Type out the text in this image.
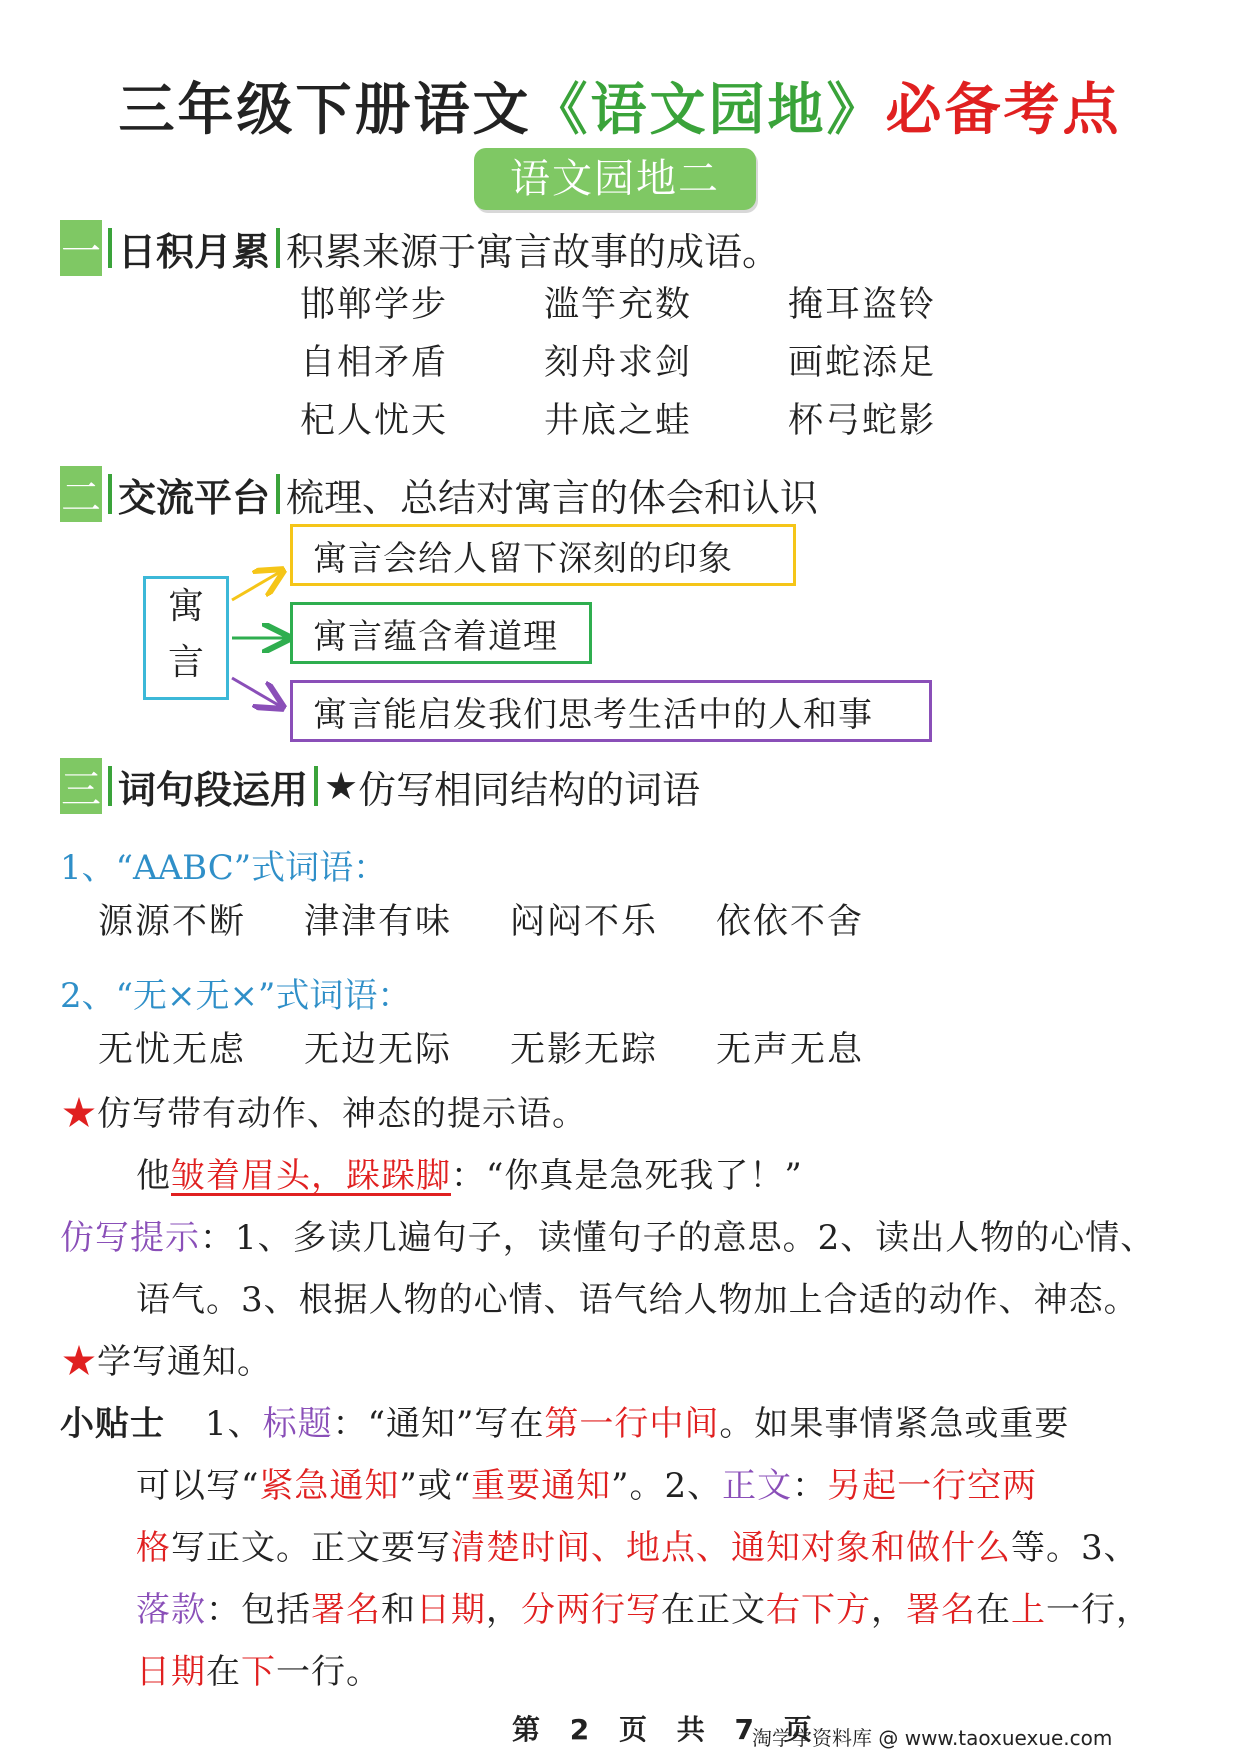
三年级下册语文《语文园地》必备考点
语文园地二
一 日积月累 积累来源于寓言故事的成语。
邯郸学步	滥竽充数	掩耳盗铃
自相矛盾	刻舟求剑	画蛇添足
杞人忧天	井底之蛙	杯弓蛇影
二 交流平台 梳理、总结对寓言的体会和认识
寓
言
寓言会给人留下深刻的印象
寓言蕴含着道理
寓言能启发我们思考生活中的人和事
三 词句段运用 ★ 仿写相同结构的词语
1、“AABC”式词语：
源源不断	津津有味	闷闷不乐	依依不舍
2、“无×无×”式词语：
无忧无虑	无边无际	无影无踪	无声无息
★仿写带有动作、神态的提示语。
他皱着眉头，跺跺脚：“你真是急死我了！”
仿写提示：1、多读几遍句子，读懂句子的意思。2、读出人物的心情、
语气。3、根据人物的心情、语气给人物加上合适的动作、神态。
★学写通知。
小贴士 1、标题：“通知”写在第一行中间。如果事情紧急或重要
可以写“紧急通知”或“重要通知”。2、正文：另起一行空两
格写正文。正文要写清楚时间、地点、通知对象和做什么等。3、
落款：包括署名和日期，分两行写在正文右下方，署名在上一行，
日期在下一行。
第 2 页 共 7 页
淘学学资料库 @ www.taoxuexue.com
